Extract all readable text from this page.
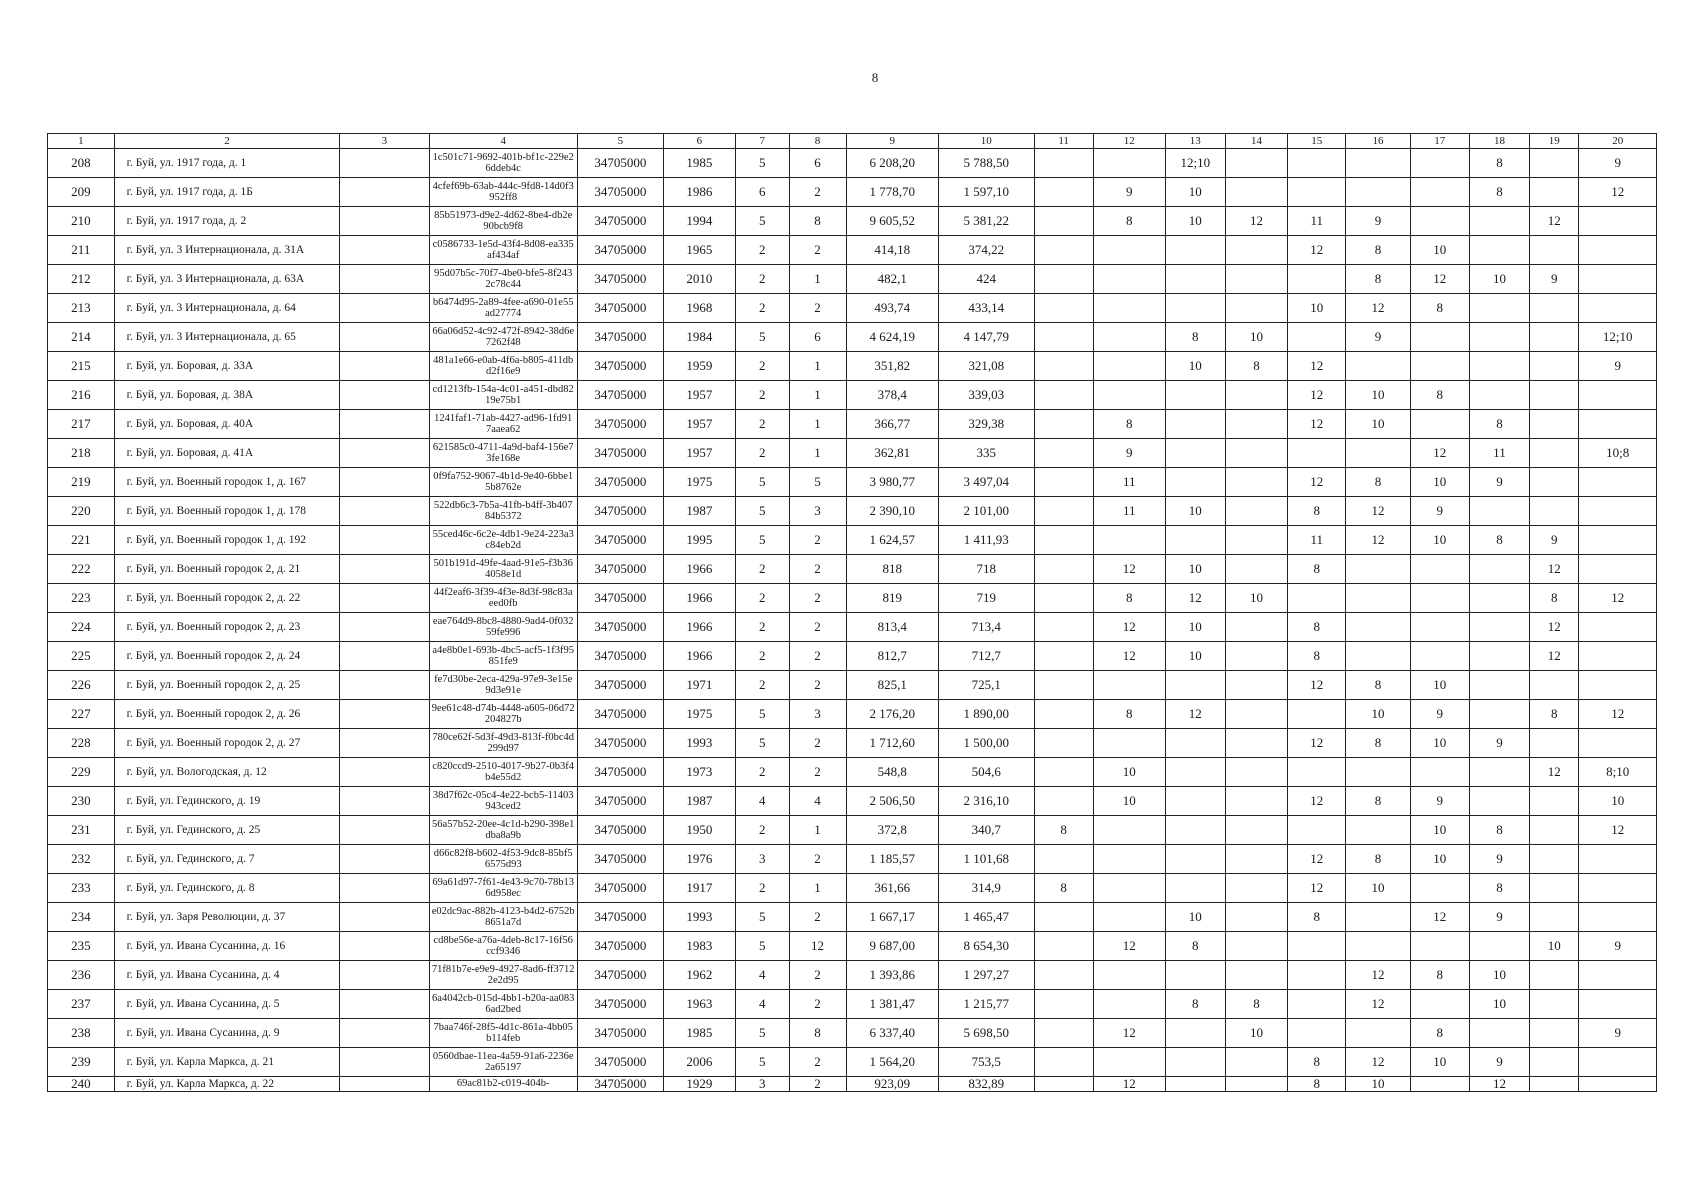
8
1	2	3	4	5	6	7	8	9	10	11	12	13	14	15	16	17	18	19	20
208	г. Буй, ул. 1917 года, д. 1		1c501c71-9692-401b-bf1c-229e26ddeb4c	34705000	1985	5	6	6 208,20	5 788,50			12;10					8		9
209	г. Буй, ул. 1917 года, д. 1Б		4cfef69b-63ab-444c-9fd8-14d0f3952ff8	34705000	1986	6	2	1 778,70	1 597,10		9	10					8		12
210	г. Буй, ул. 1917 года, д. 2		85b51973-d9e2-4d62-8be4-db2e90bcb9f8	34705000	1994	5	8	9 605,52	5 381,22		8	10	12	11	9			12	
211	г. Буй, ул. 3 Интернационала, д. 31А		c0586733-1e5d-43f4-8d08-ea335af434af	34705000	1965	2	2	414,18	374,22					12	8	10			
212	г. Буй, ул. 3 Интернационала, д. 63А		95d07b5c-70f7-4be0-bfe5-8f2432c78c44	34705000	2010	2	1	482,1	424						8	12	10	9	
213	г. Буй, ул. 3 Интернационала, д. 64		b6474d95-2a89-4fee-a690-01e55ad27774	34705000	1968	2	2	493,74	433,14					10	12	8			
214	г. Буй, ул. 3 Интернационала, д. 65		66a06d52-4c92-472f-8942-38d6e7262f48	34705000	1984	5	6	4 624,19	4 147,79			8	10		9				12;10
215	г. Буй, ул. Боровая, д. 33А		481a1e66-e0ab-4f6a-b805-411dbd2f16e9	34705000	1959	2	1	351,82	321,08			10	8	12					9
216	г. Буй, ул. Боровая, д. 38А		cd1213fb-154a-4c01-a451-dbd8219e75b1	34705000	1957	2	1	378,4	339,03					12	10	8			
217	г. Буй, ул. Боровая, д. 40А		1241faf1-71ab-4427-ad96-1fd917aaea62	34705000	1957	2	1	366,77	329,38		8			12	10		8		
218	г. Буй, ул. Боровая, д. 41А		621585c0-4711-4a9d-baf4-156e73fe168e	34705000	1957	2	1	362,81	335		9					12	11		10;8
219	г. Буй, ул. Военный городок 1, д. 167		0f9fa752-9067-4b1d-9e40-6bbe15b8762e	34705000	1975	5	5	3 980,77	3 497,04		11			12	8	10	9		
220	г. Буй, ул. Военный городок 1, д. 178		522db6c3-7b5a-41fb-b4ff-3b40784b5372	34705000	1987	5	3	2 390,10	2 101,00		11	10		8	12	9			
221	г. Буй, ул. Военный городок 1, д. 192		55ced46c-6c2e-4db1-9e24-223a3c84eb2d	34705000	1995	5	2	1 624,57	1 411,93					11	12	10	8	9	
222	г. Буй, ул. Военный городок 2, д. 21		501b191d-49fe-4aad-91e5-f3b364058e1d	34705000	1966	2	2	818	718		12	10		8				12	
223	г. Буй, ул. Военный городок 2, д. 22		44f2eaf6-3f39-4f3e-8d3f-98c83aeed0fb	34705000	1966	2	2	819	719		8	12	10					8	12
224	г. Буй, ул. Военный городок 2, д. 23		eae764d9-8bc8-4880-9ad4-0f03259fe996	34705000	1966	2	2	813,4	713,4		12	10		8				12	
225	г. Буй, ул. Военный городок 2, д. 24		a4e8b0e1-693b-4bc5-acf5-1f3f95851fe9	34705000	1966	2	2	812,7	712,7		12	10		8				12	
226	г. Буй, ул. Военный городок 2, д. 25		fe7d30be-2eca-429a-97e9-3e15e9d3e91e	34705000	1971	2	2	825,1	725,1					12	8	10			
227	г. Буй, ул. Военный городок 2, д. 26		9ee61c48-d74b-4448-a605-06d72204827b	34705000	1975	5	3	2 176,20	1 890,00		8	12			10	9		8	12
228	г. Буй, ул. Военный городок 2, д. 27		780ce62f-5d3f-49d3-813f-f0bc4d299d97	34705000	1993	5	2	1 712,60	1 500,00					12	8	10	9		
229	г. Буй, ул. Вологодская, д. 12		c820ccd9-2510-4017-9b27-0b3f4b4e55d2	34705000	1973	2	2	548,8	504,6		10							12	8;10
230	г. Буй, ул. Гединского, д. 19		38d7f62c-05c4-4e22-bcb5-11403943ced2	34705000	1987	4	4	2 506,50	2 316,10		10			12	8	9			10
231	г. Буй, ул. Гединского, д. 25		56a57b52-20ee-4c1d-b290-398e1dba8a9b	34705000	1950	2	1	372,8	340,7	8						10	8		12
232	г. Буй, ул. Гединского, д. 7		d66c82f8-b602-4f53-9dc8-85bf56575d93	34705000	1976	3	2	1 185,57	1 101,68					12	8	10	9		
233	г. Буй, ул. Гединского, д. 8		69a61d97-7f61-4e43-9c70-78b136d958ec	34705000	1917	2	1	361,66	314,9	8				12	10		8		
234	г. Буй, ул. Заря Революции, д. 37		e02dc9ac-882b-4123-b4d2-6752b8651a7d	34705000	1993	5	2	1 667,17	1 465,47			10		8		12	9		
235	г. Буй, ул. Ивана Сусанина, д. 16		cd8be56e-a76a-4deb-8c17-16f56ccf9346	34705000	1983	5	12	9 687,00	8 654,30		12	8						10	9
236	г. Буй, ул. Ивана Сусанина, д. 4		71f81b7e-e9e9-4927-8ad6-ff37122e2d95	34705000	1962	4	2	1 393,86	1 297,27						12	8	10		
237	г. Буй, ул. Ивана Сусанина, д. 5		6a4042cb-015d-4bb1-b20a-aa0836ad2bed	34705000	1963	4	2	1 381,47	1 215,77			8	8		12		10		
238	г. Буй, ул. Ивана Сусанина, д. 9		7baa746f-28f5-4d1c-861a-4bb05b114feb	34705000	1985	5	8	6 337,40	5 698,50		12		10			8			9
239	г. Буй, ул. Карла Маркса, д. 21		0560dbae-11ea-4a59-91a6-2236e2a65197	34705000	2006	5	2	1 564,20	753,5					8	12	10	9		
240	г. Буй, ул. Карла Маркса, д. 22		69ac81b2-c019-404b-	34705000	1929	3	2	923,09	832,89		12			8	10		12		
